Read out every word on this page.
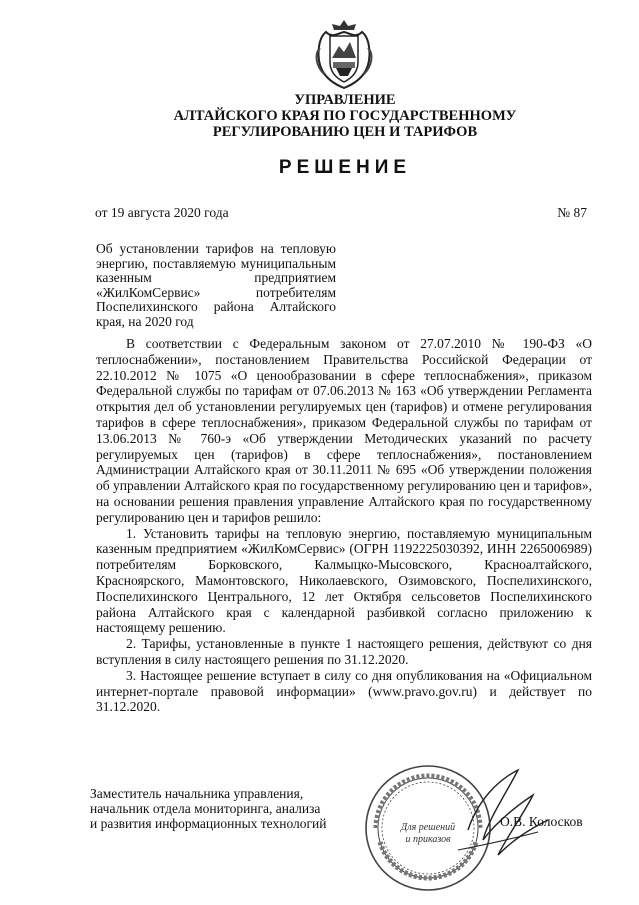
УПРАВЛЕНИЕ
АЛТАЙСКОГО КРАЯ ПО ГОСУДАРСТВЕННОМУ
РЕГУЛИРОВАНИЮ ЦЕН И ТАРИФОВ
РЕШЕНИЕ
от 19 августа 2020 года	№ 87
Об установлении тарифов на тепловую энергию, поставляемую муниципальным казенным предприятием «ЖилКомСервис» потребителям Поспелихинского района Алтайского края, на 2020 год

В соответствии с Федеральным законом от 27.07.2010 № 190-ФЗ «О теплоснабжении», постановлением Правительства Российской Федерации от 22.10.2012 № 1075 «О ценообразовании в сфере теплоснабжения», приказом Федеральной службы по тарифам от 07.06.2013 № 163 «Об утверждении Регламента открытия дел об установлении регулируемых цен (тарифов) и отмене регулирования тарифов в сфере теплоснабжения», приказом Федеральной службы по тарифам от 13.06.2013 № 760-э «Об утверждении Методических указаний по расчету регулируемых цен (тарифов) в сфере теплоснабжения», постановлением Администрации Алтайского края от 30.11.2011 № 695 «Об утверждении положения об управлении Алтайского края по государственному регулированию цен и тарифов», на основании решения правления управление Алтайского края по государственному регулированию цен и тарифов решило:

1. Установить тарифы на тепловую энергию, поставляемую муниципальным казенным предприятием «ЖилКомСервис» (ОГРН 1192225030392, ИНН 2265006989) потребителям Борковского, Калмыцко-Мысовского, Красноалтайского, Красноярского, Мамонтовского, Николаевского, Озимовского, Поспелихинского, Поспелихинского Центрального, 12 лет Октября сельсоветов Поспелихинского района Алтайского края с календарной разбивкой согласно приложению к настоящему решению.

2. Тарифы, установленные в пункте 1 настоящего решения, действуют со дня вступления в силу настоящего решения по 31.12.2020.

3. Настоящее решение вступает в силу со дня опубликования на «Официальном интернет-портале правовой информации» (www.pravo.gov.ru) и действует по 31.12.2020.

Заместитель начальника управления,
начальник отдела мониторинга, анализа
и развития информационных технологий	Для решений
и приказов
О.В. Колосков
